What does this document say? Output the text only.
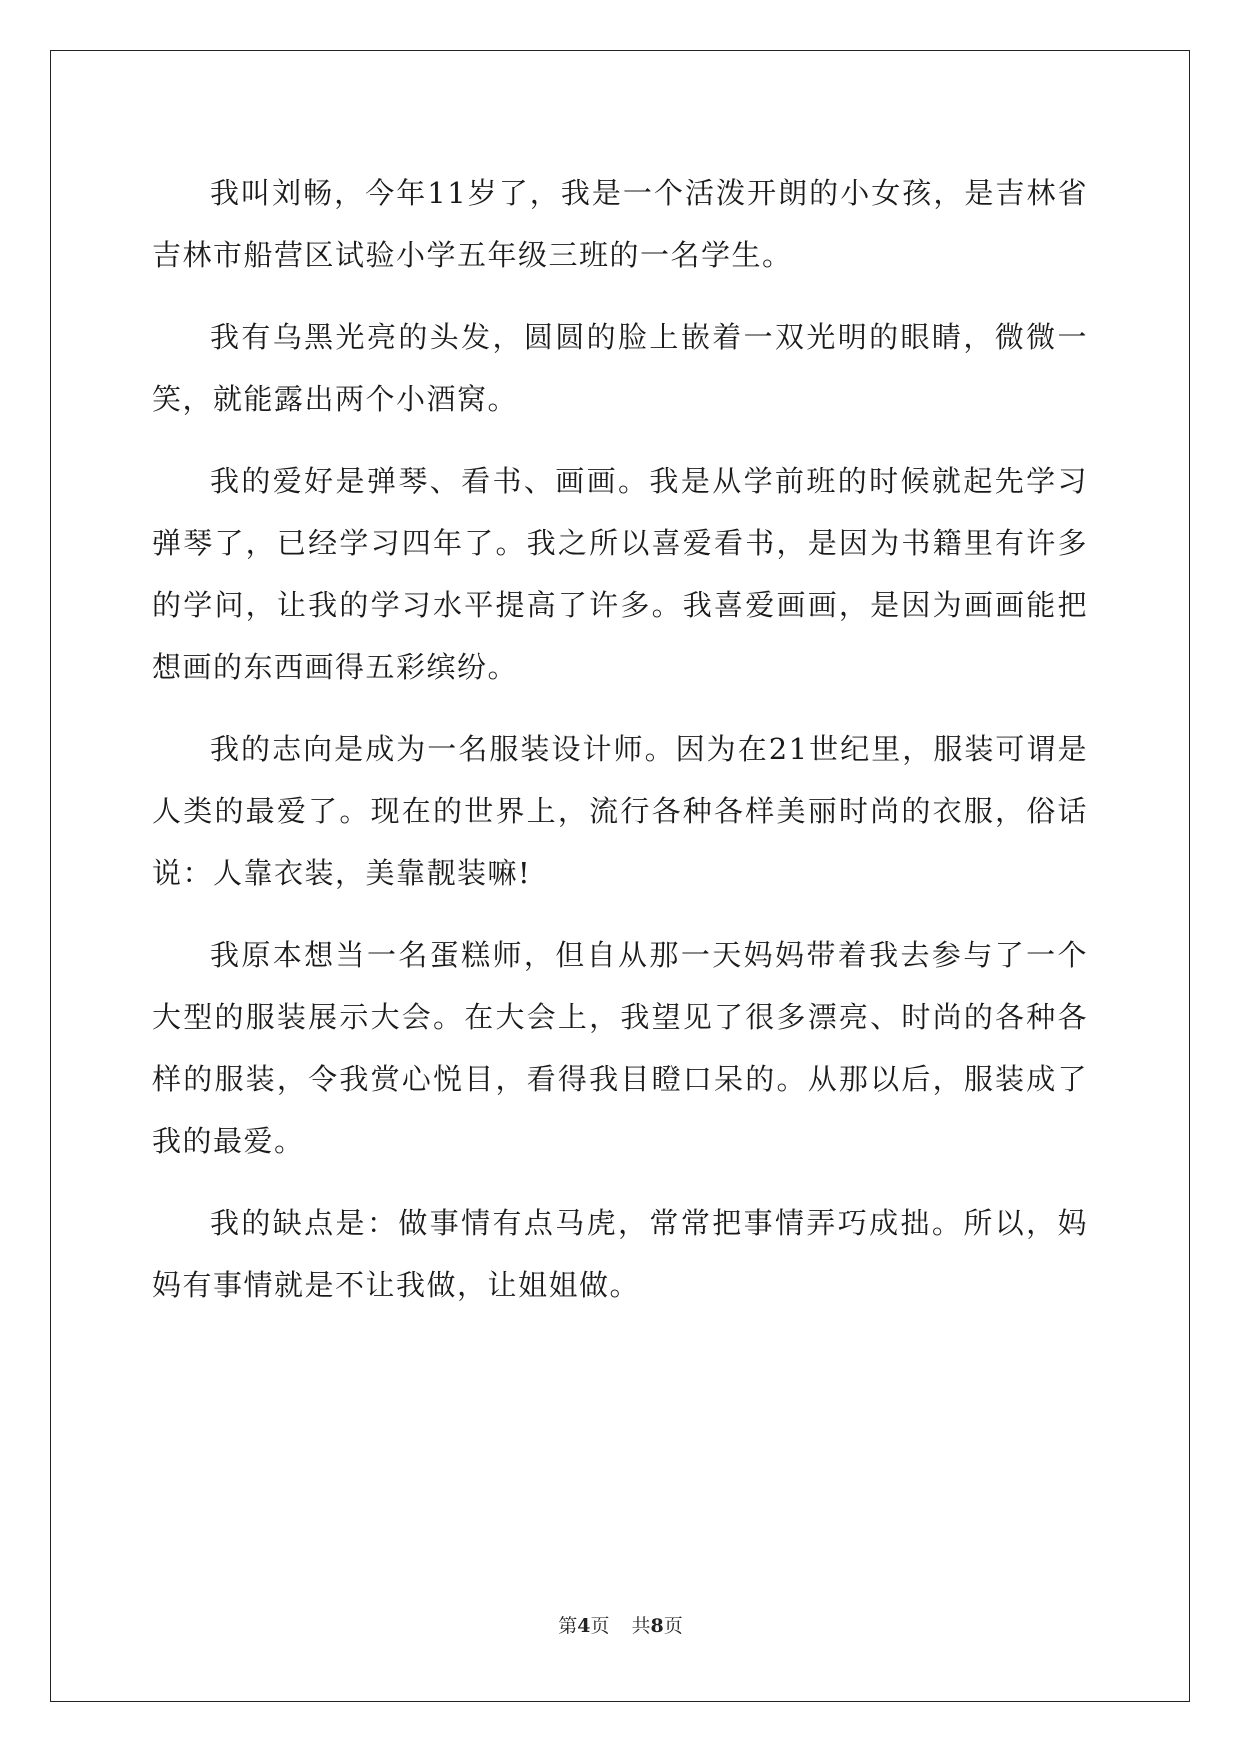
我叫刘畅，今年11岁了，我是一个活泼开朗的小女孩，是吉林省吉林市船营区试验小学五年级三班的一名学生。

我有乌黑光亮的头发，圆圆的脸上嵌着一双光明的眼睛，微微一笑，就能露出两个小酒窝。

我的爱好是弹琴、看书、画画。我是从学前班的时候就起先学习弹琴了，已经学习四年了。我之所以喜爱看书，是因为书籍里有许多的学问，让我的学习水平提高了许多。我喜爱画画，是因为画画能把想画的东西画得五彩缤纷。

我的志向是成为一名服装设计师。因为在21世纪里，服装可谓是人类的最爱了。现在的世界上，流行各种各样美丽时尚的衣服，俗话说：人靠衣装，美靠靓装嘛!

我原本想当一名蛋糕师，但自从那一天妈妈带着我去参与了一个大型的服装展示大会。在大会上，我望见了很多漂亮、时尚的各种各样的服装，令我赏心悦目，看得我目瞪口呆的。从那以后，服装成了我的最爱。

我的缺点是：做事情有点马虎，常常把事情弄巧成拙。所以，妈妈有事情就是不让我做，让姐姐做。

第4页 共8页
